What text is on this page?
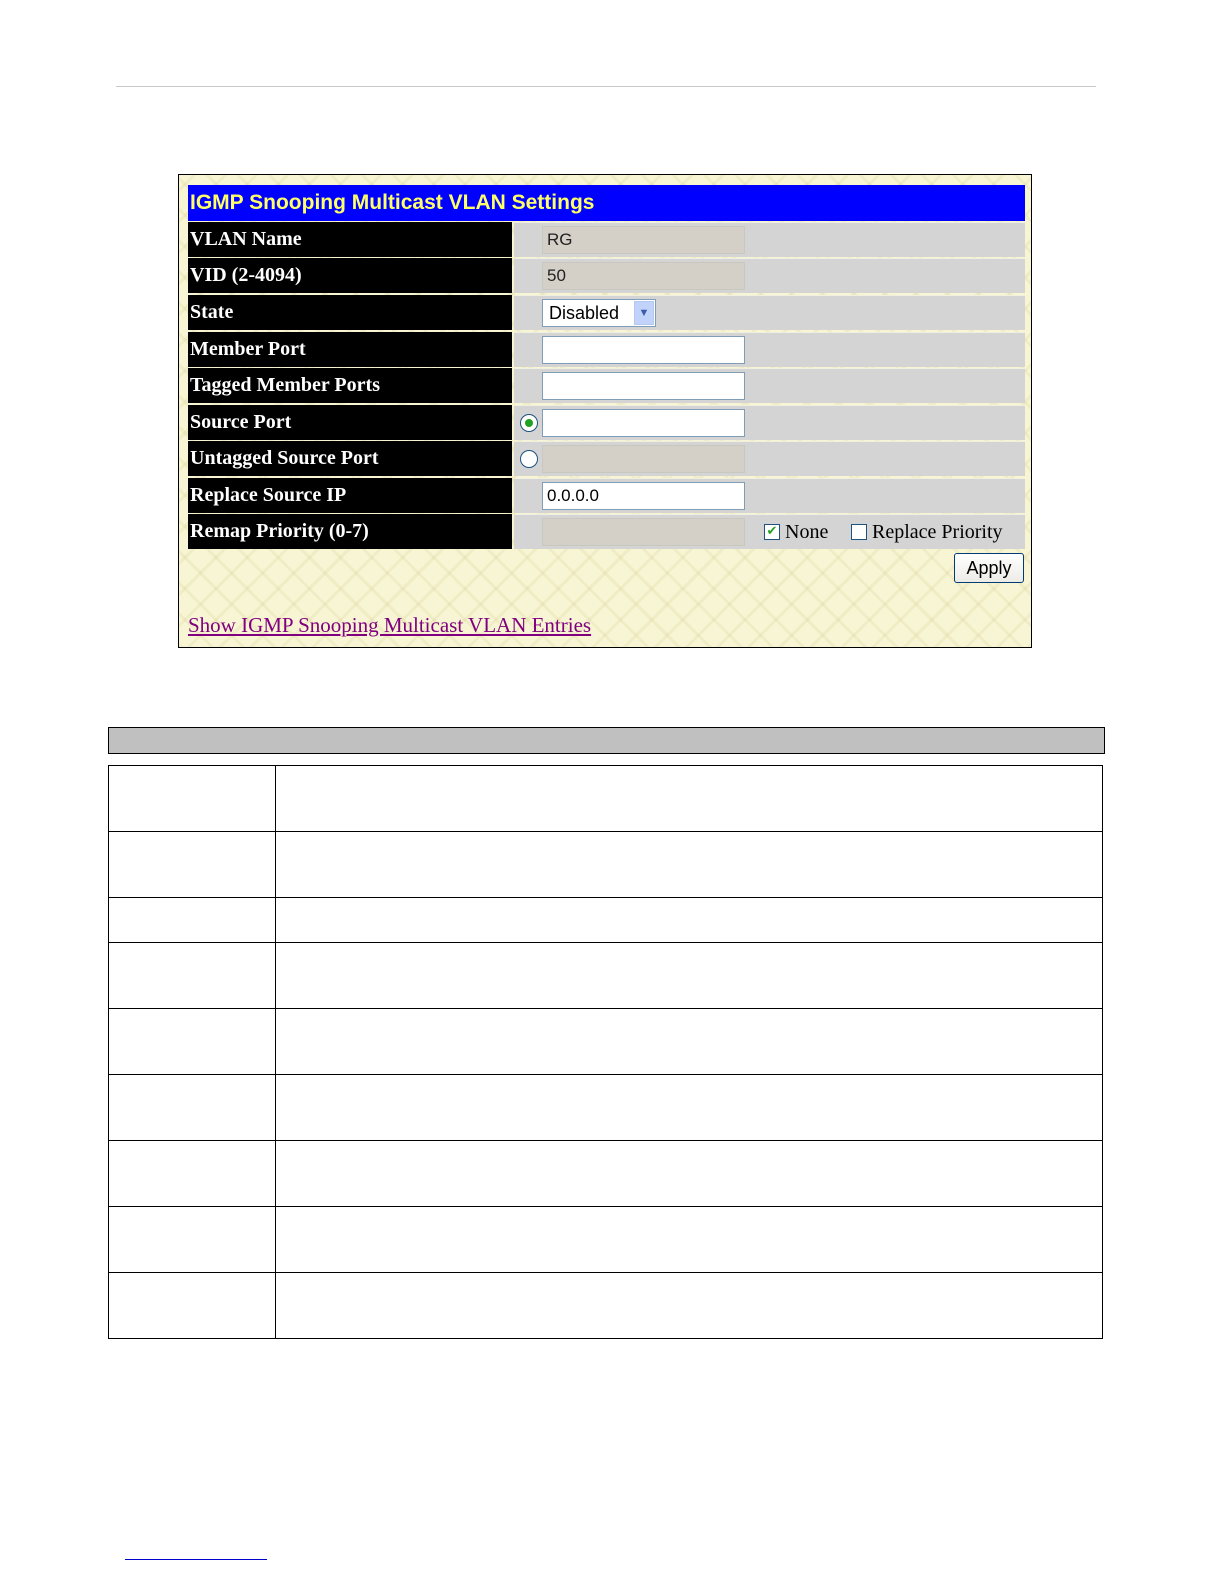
IGMP Snooping Multicast VLAN Settings
VLAN Name	RG
VID (2-4094)	50
State	Disabled	▼
Member Port
Tagged Member Ports
Source Port
Untagged Source Port
Replace Source IP	0.0.0.0
Remap Priority (0-7)	✔ None Replace Priority
Apply
Show IGMP Snooping Multicast VLAN Entries
